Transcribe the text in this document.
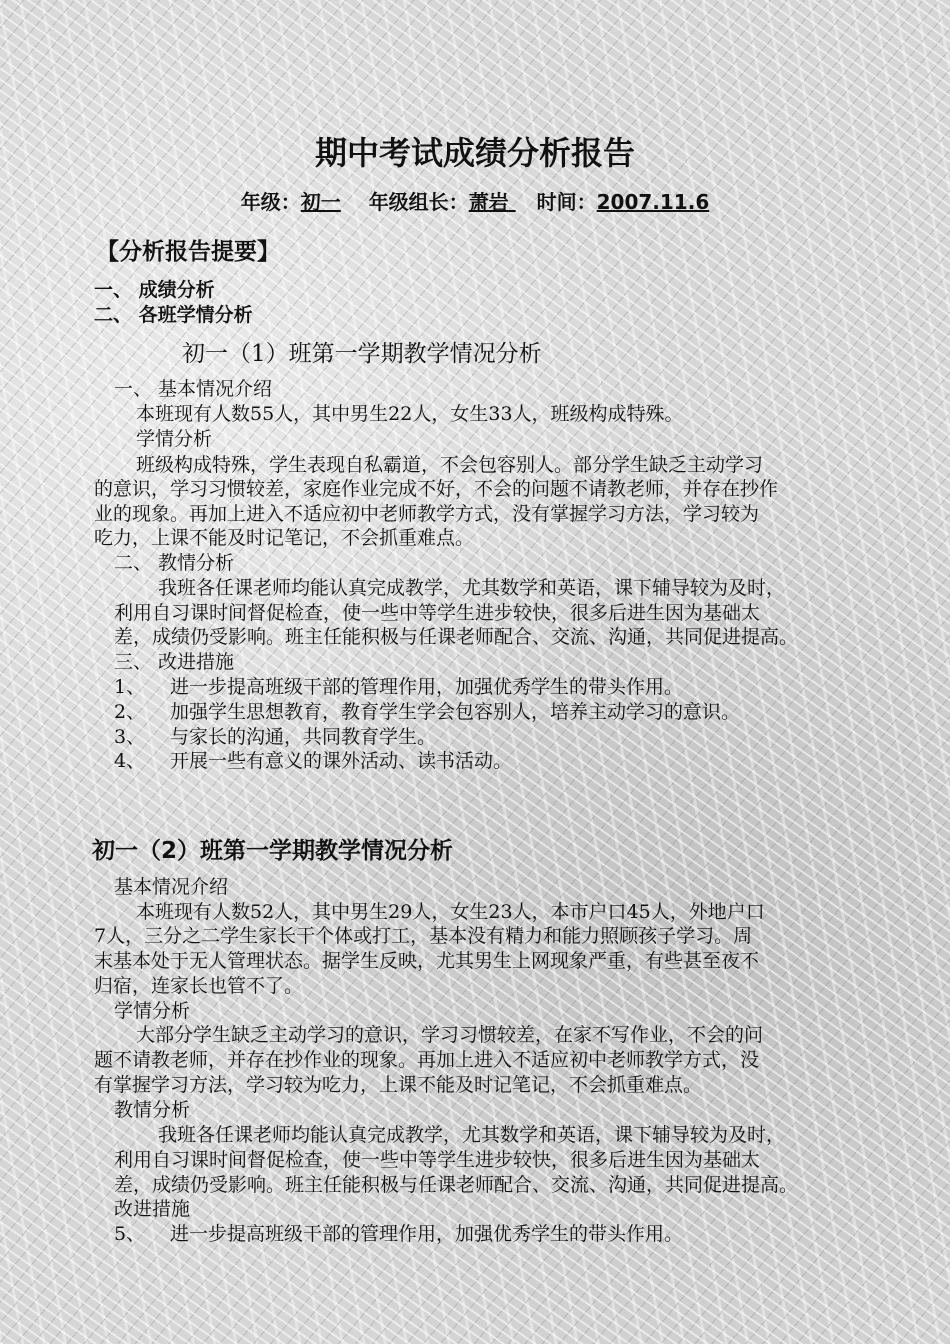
期中考试成绩分析报告
年级：初一 年级组长：萧岩 时间：2007.11.6
【分析报告提要】
一、 成绩分析
二、 各班学情分析
初一（1）班第一学期教学情况分析
一、 基本情况介绍
本班现有人数55人，其中男生22人，女生33人，班级构成特殊。
学情分析
班级构成特殊，学生表现自私霸道，不会包容别人。部分学生缺乏主动学习
的意识，学习习惯较差，家庭作业完成不好，不会的问题不请教老师，并存在抄作
业的现象。再加上进入不适应初中老师教学方式，没有掌握学习方法，学习较为
吃力，上课不能及时记笔记，不会抓重难点。
二、 教情分析
我班各任课老师均能认真完成教学，尤其数学和英语，课下辅导较为及时，
利用自习课时间督促检查，使一些中等学生进步较快，很多后进生因为基础太
差，成绩仍受影响。班主任能积极与任课老师配合、交流、沟通，共同促进提高。
三、 改进措施
1、 进一步提高班级干部的管理作用，加强优秀学生的带头作用。
2、 加强学生思想教育，教育学生学会包容别人，培养主动学习的意识。
3、 与家长的沟通，共同教育学生。
4、 开展一些有意义的课外活动、读书活动。
初一（2）班第一学期教学情况分析
基本情况介绍
本班现有人数52人，其中男生29人，女生23人，本市户口45人，外地户口
7人，三分之二学生家长干个体或打工，基本没有精力和能力照顾孩子学习。周
末基本处于无人管理状态。据学生反映，尤其男生上网现象严重，有些甚至夜不
归宿，连家长也管不了。
学情分析
大部分学生缺乏主动学习的意识，学习习惯较差，在家不写作业，不会的问
题不请教老师，并存在抄作业的现象。再加上进入不适应初中老师教学方式，没
有掌握学习方法，学习较为吃力，上课不能及时记笔记，不会抓重难点。
教情分析
我班各任课老师均能认真完成教学，尤其数学和英语，课下辅导较为及时，
利用自习课时间督促检查，使一些中等学生进步较快，很多后进生因为基础太
差，成绩仍受影响。班主任能积极与任课老师配合、交流、沟通，共同促进提高。
改进措施
5、 进一步提高班级干部的管理作用，加强优秀学生的带头作用。
